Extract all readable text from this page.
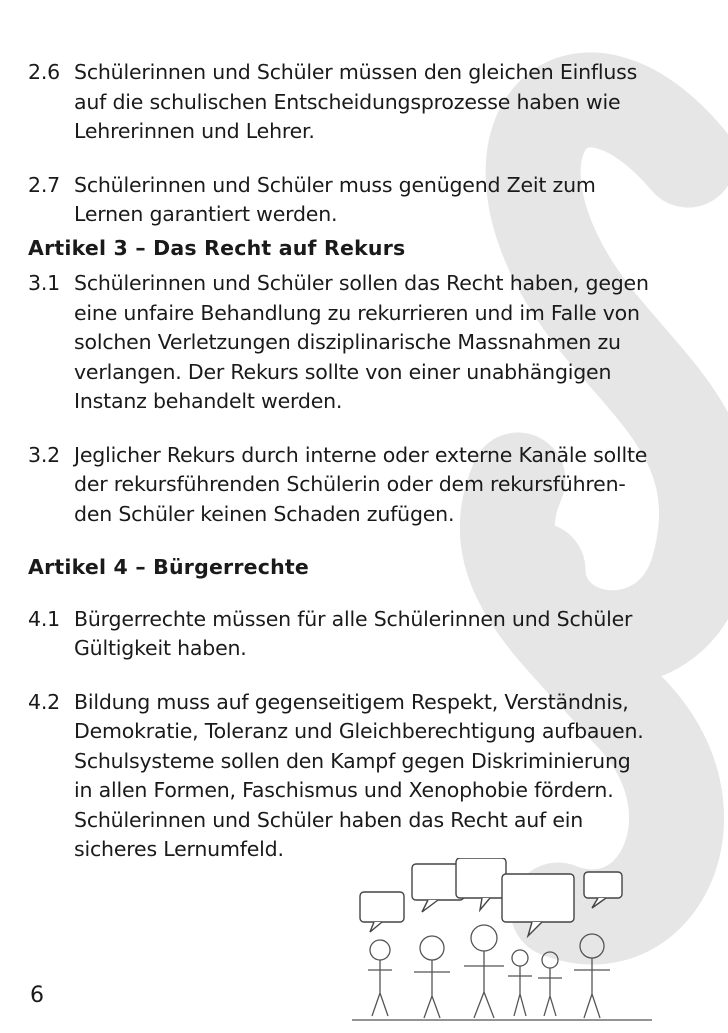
2.6 Schülerinnen und Schüler müssen den gleichen Einfluss
auf die schulischen Entscheidungsprozesse haben wie
Lehrerinnen und Lehrer.
2.7 Schülerinnen und Schüler muss genügend Zeit zum
Lernen garantiert werden.
Artikel 3 – Das Recht auf Rekurs
3.1 Schülerinnen und Schüler sollen das Recht haben, gegen
eine unfaire Behandlung zu rekurrieren und im Falle von
solchen Verletzungen disziplinarische Massnahmen zu
verlangen. Der Rekurs sollte von einer unabhängigen
Instanz behandelt werden.
3.2 Jeglicher Rekurs durch interne oder externe Kanäle sollte
der rekursführenden Schülerin oder dem rekursführen-
den Schüler keinen Schaden zufügen.
Artikel 4 – Bürgerrechte
4.1 Bürgerrechte müssen für alle Schülerinnen und Schüler
Gültigkeit haben.
4.2 Bildung muss auf gegenseitigem Respekt, Verständnis,
Demokratie, Toleranz und Gleichberechtigung aufbauen.
Schulsysteme sollen den Kampf gegen Diskriminierung
in allen Formen, Faschismus und Xenophobie fördern.
Schülerinnen und Schüler haben das Recht auf ein
sicheres Lernumfeld.
6
